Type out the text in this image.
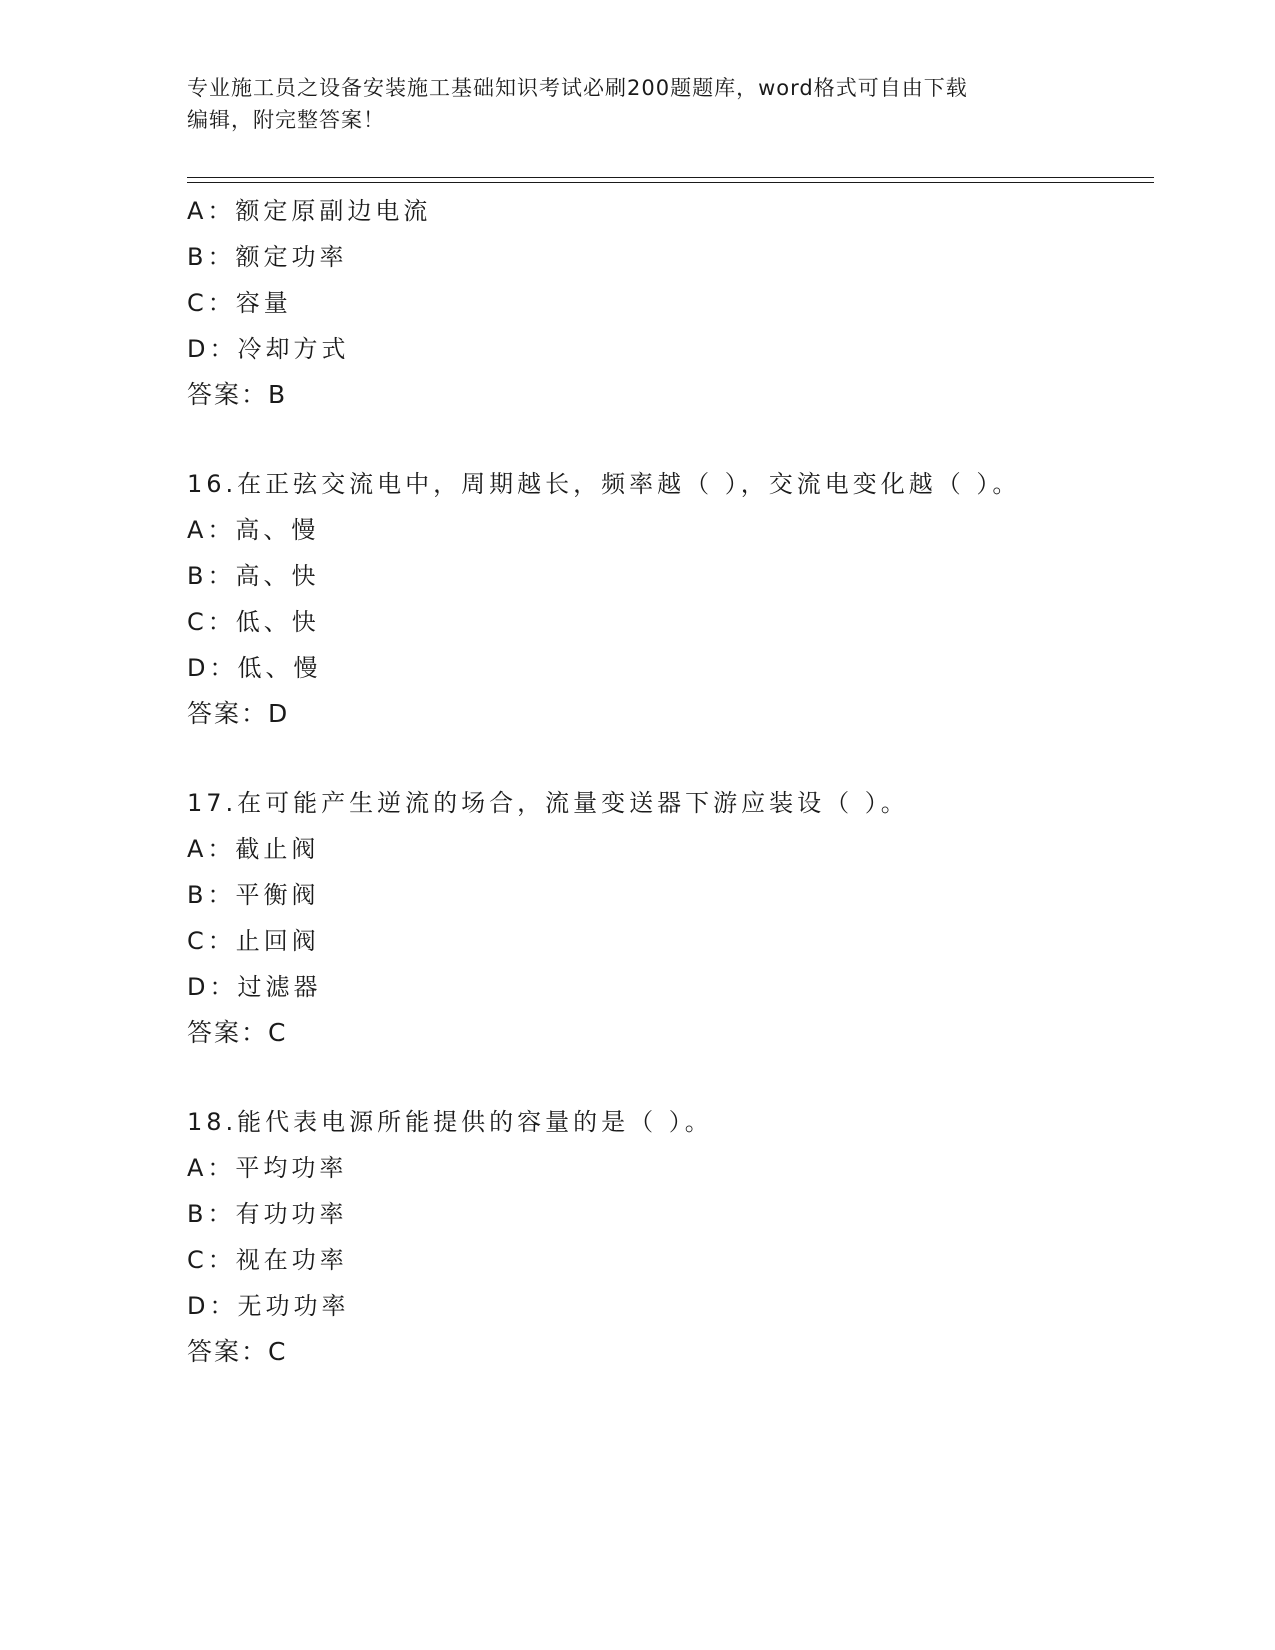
专业施工员之设备安装施工基础知识考试必刷200题题库，word格式可自由下载
编辑，附完整答案！
A：额定原副边电流
B：额定功率
C：容量
D：冷却方式
答案：B
16.在正弦交流电中，周期越长，频率越（ ），交流电变化越（ ）。
A：高、慢
B：高、快
C：低、快
D：低、慢
答案：D
17.在可能产生逆流的场合，流量变送器下游应装设（ ）。
A：截止阀
B：平衡阀
C：止回阀
D：过滤器
答案：C
18.能代表电源所能提供的容量的是（ ）。
A：平均功率
B：有功功率
C：视在功率
D：无功功率
答案：C
